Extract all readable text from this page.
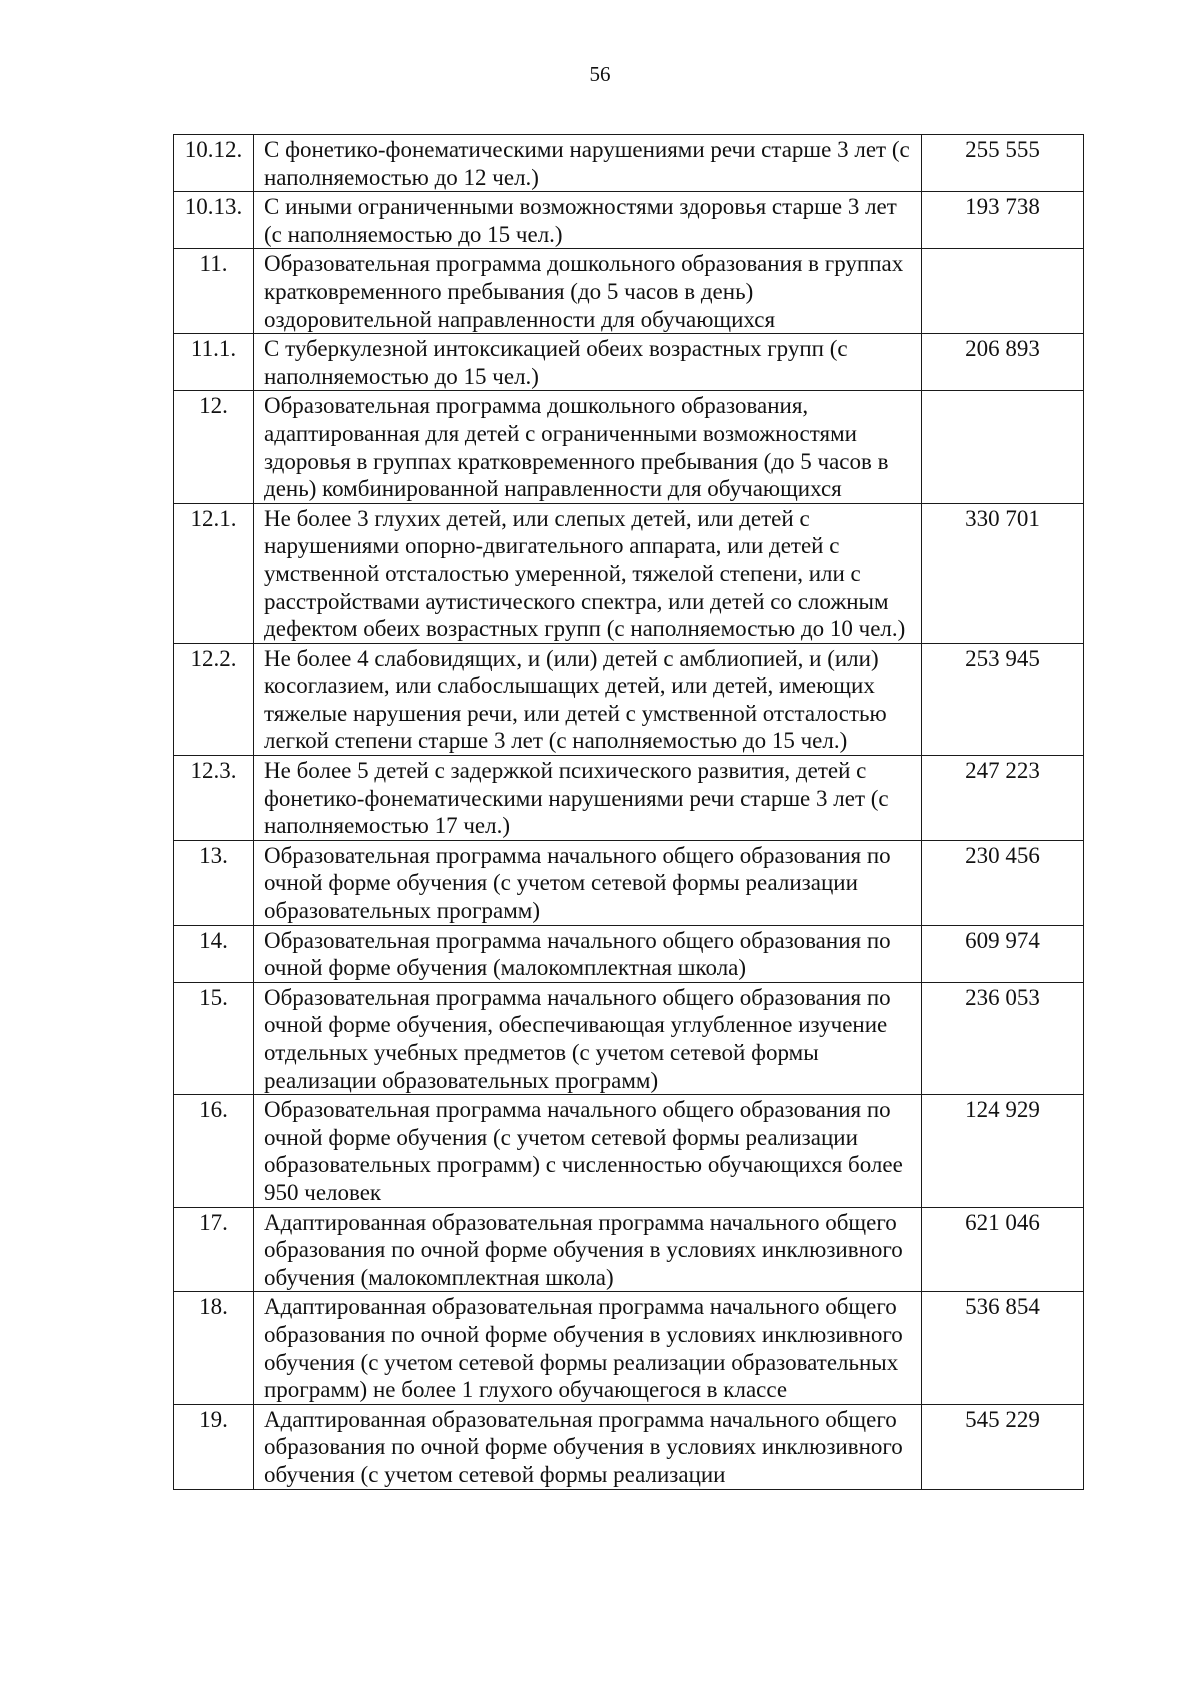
56
10.12.	С фонетико-фонематическими нарушениями речи старше 3 лет (с наполняемостью до 12 чел.)	255 555
10.13.	С иными ограниченными возможностями здоровья старше 3 лет (с наполняемостью до 15 чел.)	193 738
11.	Образовательная программа дошкольного образования в группах кратковременного пребывания (до 5 часов в день) оздоровительной направленности для обучающихся	
11.1.	С туберкулезной интоксикацией обеих возрастных групп (с наполняемостью до 15 чел.)	206 893
12.	Образовательная программа дошкольного образования, адаптированная для детей с ограниченными возможностями здоровья в группах кратковременного пребывания (до 5 часов в день) комбинированной направленности для обучающихся	
12.1.	Не более 3 глухих детей, или слепых детей, или детей с нарушениями опорно-двигательного аппарата, или детей с умственной отсталостью умеренной, тяжелой степени, или с расстройствами аутистического спектра, или детей со сложным дефектом обеих возрастных групп (с наполняемостью до 10 чел.)	330 701
12.2.	Не более 4 слабовидящих, и (или) детей с амблиопией, и (или) косоглазием, или слабослышащих детей, или детей, имеющих тяжелые нарушения речи, или детей с умственной отсталостью легкой степени старше 3 лет (с наполняемостью до 15 чел.)	253 945
12.3.	Не более 5 детей с задержкой психического развития, детей с фонетико-фонематическими нарушениями речи старше 3 лет (с наполняемостью 17 чел.)	247 223
13.	Образовательная программа начального общего образования по очной форме обучения (с учетом сетевой формы реализации образовательных программ)	230 456
14.	Образовательная программа начального общего образования по очной форме обучения (малокомплектная школа)	609 974
15.	Образовательная программа начального общего образования по очной форме обучения, обеспечивающая углубленное изучение отдельных учебных предметов (с учетом сетевой формы реализации образовательных программ)	236 053
16.	Образовательная программа начального общего образования по очной форме обучения (с учетом сетевой формы реализации образовательных программ) с численностью обучающихся более 950 человек	124 929
17.	Адаптированная образовательная программа начального общего образования по очной форме обучения в условиях инклюзивного обучения (малокомплектная школа)	621 046
18.	Адаптированная образовательная программа начального общего образования по очной форме обучения в условиях инклюзивного обучения (с учетом сетевой формы реализации образовательных программ) не более 1 глухого обучающегося в классе	536 854
19.	Адаптированная образовательная программа начального общего образования по очной форме обучения в условиях инклюзивного обучения (с учетом сетевой формы реализации	545 229
